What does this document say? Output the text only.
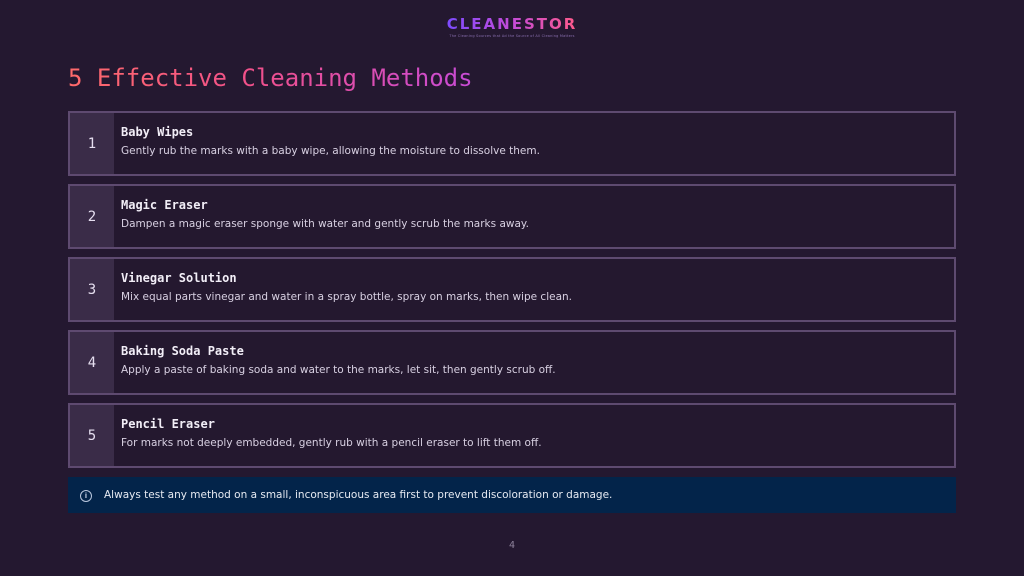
CLEANESTOR
The Cleaning Sources that Ad the Source of All Cleaning Matters
5 Effective Cleaning Methods
1

Baby Wipes

Gently rub the marks with a baby wipe, allowing the moisture to dissolve them.

2

Magic Eraser

Dampen a magic eraser sponge with water and gently scrub the marks away.

3

Vinegar Solution

Mix equal parts vinegar and water in a spray bottle, spray on marks, then wipe clean.

4

Baking Soda Paste

Apply a paste of baking soda and water to the marks, let sit, then gently scrub off.

5

Pencil Eraser

For marks not deeply embedded, gently rub with a pencil eraser to lift them off.

i	Always test any method on a small, inconspicuous area first to prevent discoloration or damage.
4
